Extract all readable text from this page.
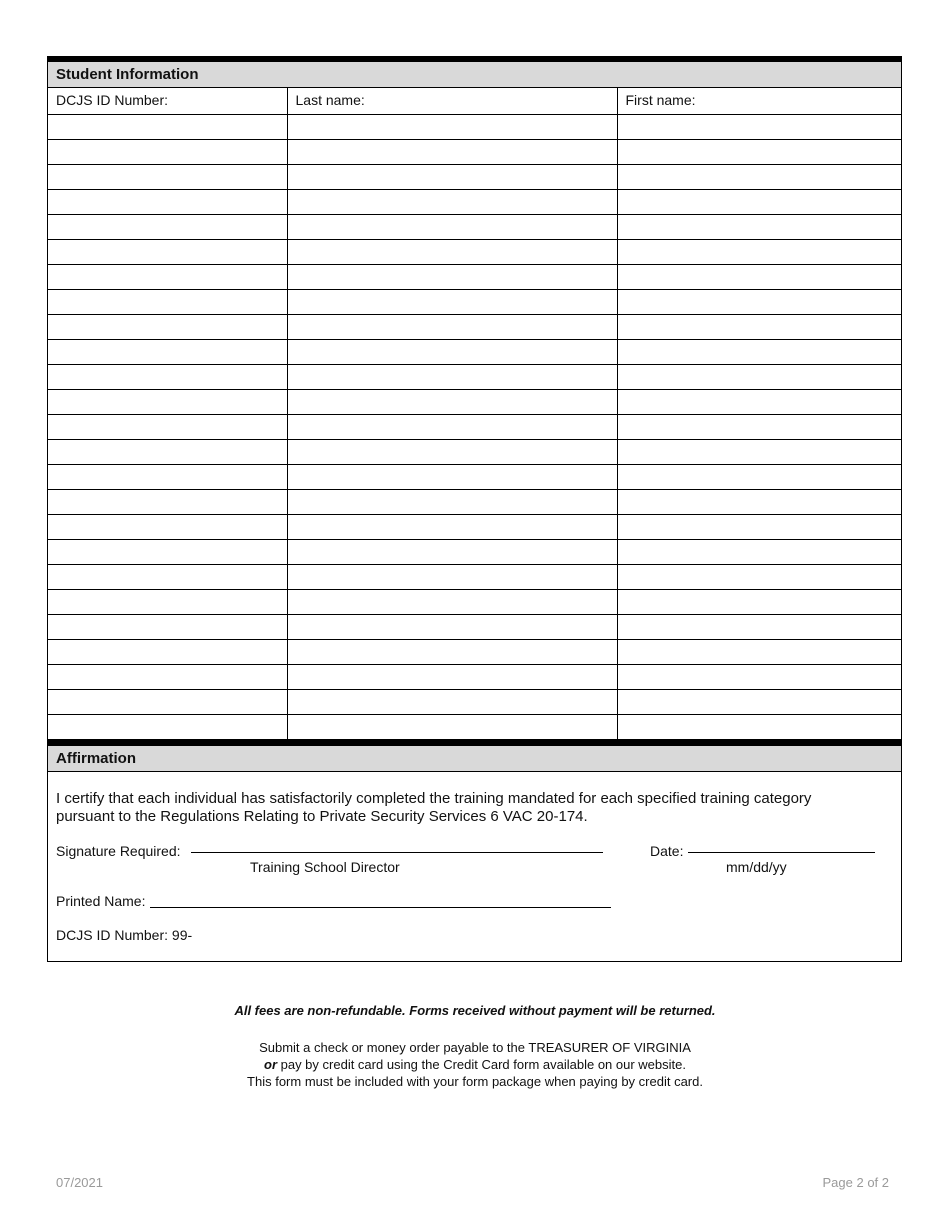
Student Information
DCJS ID Number:	Last name:	First name:

Affirmation
I certify that each individual has satisfactorily completed the training mandated for each specified training category
pursuant to the Regulations Relating to Private Security Services 6 VAC 20-174.
Signature Required:
Training School Director
Date:
mm/dd/yy
Printed Name:
DCJS ID Number: 99-
All fees are non-refundable. Forms received without payment will be returned.
Submit a check or money order payable to the TREASURER OF VIRGINIA
or pay by credit card using the Credit Card form available on our website.
This form must be included with your form package when paying by credit card.
07/2021	Page 2 of 2
